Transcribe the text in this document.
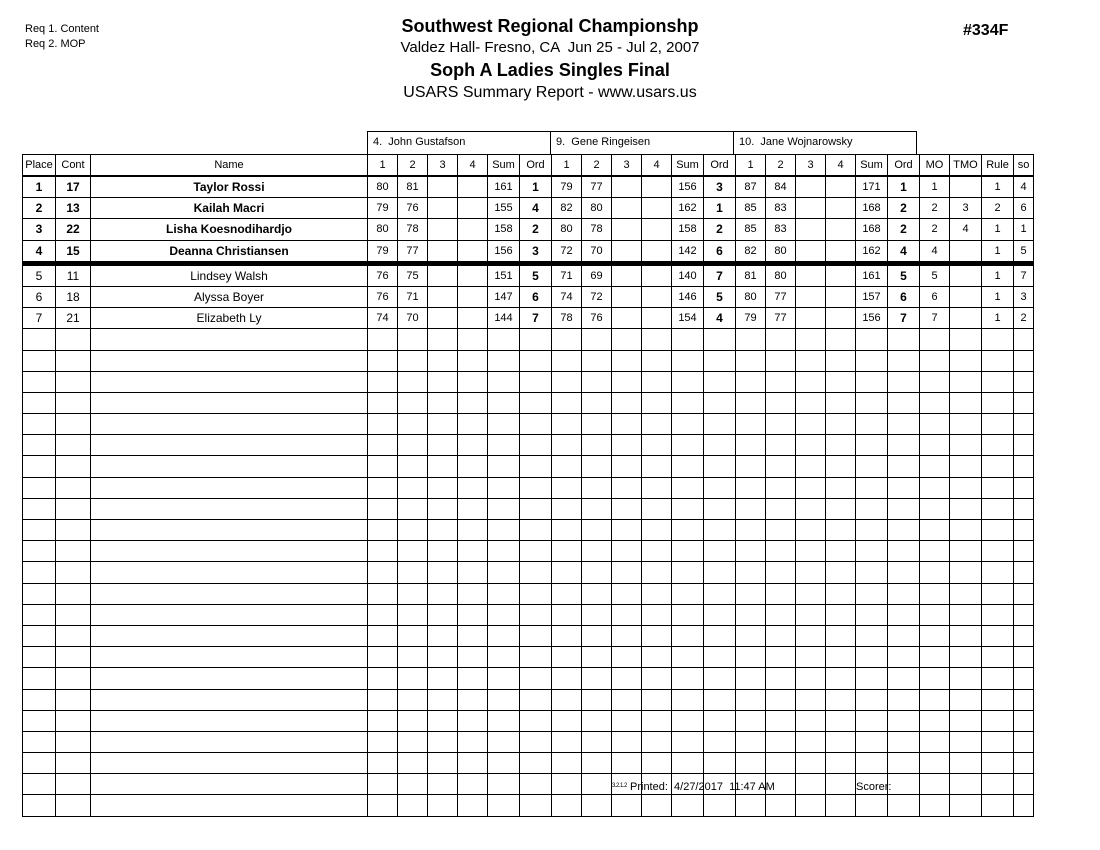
Req 1. Content
Req 2. MOP
Southwest Regional Championshp
Valdez Hall- Fresno, CA  Jun 25 - Jul 2, 2007
Soph A Ladies Singles Final
USARS Summary Report - www.usars.us
#334F
4.  John Gustafson	9.  Gene Ringeisen	10.  Jane Wojnarowsky
Place	Cont	Name	1	2	3	4	Sum	Ord	1	2	3	4	Sum	Ord	1	2	3	4	Sum	Ord	MO	TMO	Rule	so
1	17	Taylor Rossi	80	81			161	1	79	77			156	3	87	84			171	1	1		1	4
2	13	Kailah Macri	79	76			155	4	82	80			162	1	85	83			168	2	2	3	2	6
3	22	Lisha Koesnodihardjo	80	78			158	2	80	78			158	2	85	83			168	2	2	4	1	1
4	15	Deanna Christiansen	79	77			156	3	72	70			142	6	82	80			162	4	4		1	5
5	11	Lindsey Walsh	76	75			151	5	71	69			140	7	81	80			161	5	5		1	7
6	18	Alyssa Boyer	76	71			147	6	74	72			146	5	80	77			157	6	6		1	3
7	21	Elizabeth Ly	74	70			144	7	78	76			154	4	79	77			156	7	7		1	2

3.2.1.2 Printed:  4/27/2017  11:47 AM	Scorer:
